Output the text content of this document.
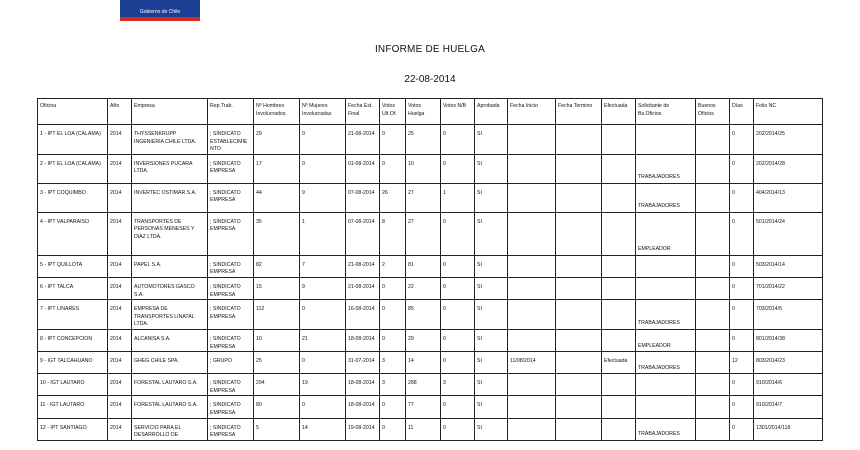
Gobierno de Chile
INFORME DE HUELGA
22-08-2014
Oficina	Año	Empresa	Rep.Trab.	Nº Hombres Involucrados	Nº Mujeres Involucradas	Fecha Est. Final	Votos Ult.Of.	Votos Huelga	Votos N/B	Aprobada	Fecha Inicio	Fecha Termino	Efectuada	Solicitante de Bs.Oficios	Buenos Oficios	Días	Folio NC
1 - IPT EL LOA (CALAMA)	2014	THYSSENKRUPP INGENIERIA CHILE LTDA.	; SINDICATO ESTABLECIMIENTO	29	0	21-08-2014	0	25	0	SI						0	202/2014/25
2 - IPT EL LOA (CALAMA)	2014	INVERSIONES PUCARA LTDA.	; SINDICATO EMPRESA	17	0	01-08-2014	0	10	0	SI				TRABAJADORES		0	202/2014/28
3 - IPT COQUIMBO	2014	INVERTEC OSTIMAR S.A.	; SINDICATO EMPRESA	44	9	07-08-2014	26	27	1	SI				TRABAJADORES		0	404/2014/13
4 - IPT VALPARAISO	2014	TRANSPORTES DE PERSONAS MENESES Y DIAZ LTDA.	; SINDICATO EMPRESA	35	1	07-08-2014	8	27	0	SI				EMPLEADOR		0	501/2014/24
5 - IPT QUILLOTA	2014	PAPEL S.A.	; SINDICATO EMPRESA	82	7	21-08-2014	2	81	0	SI						0	503/2014/14
6 - IPT TALCA	2014	AUTOMOTORES GASCO S.A.	; SINDICATO EMPRESA	15	9	21-08-2014	0	22	0	SI						0	701/2014/22
7 - IPT LINARES	2014	EMPRESA DE TRANSPORTES LINATAL LTDA.	; SINDICATO EMPRESA	112	0	16-08-2014	0	85	0	SI				TRABAJADORES		0	703/2014/5
8 - IPT CONCEPCION	2014	ALCANISA S.A.	; SINDICATO EMPRESA	10	21	18-08-2014	0	29	0	SI				EMPLEADOR		0	801/2014/38
9 - IGT TALCAHUANO	2014	GHEG CHILE SPA.	; GRUPO	25	0	31-07-2014	3	14	0	SI	11/08/2014		Efectuada	TRABAJADORES		12	803/2014/23
10 - IGT LAUTARO	2014	FORESTAL LAUTARO S.A.	; SINDICATO EMPRESA	294	19	18-08-2014	3	288	3	SI						0	910/2014/6
11 - IGT LAUTARO	2014	FORESTAL LAUTARO S.A.	; SINDICATO EMPRESA	80	0	18-08-2014	0	77	0	SI						0	910/2014/7
12 - IPT SANTIAGO	2014	SERVICIO PARA EL DESARROLLO DE	; SINDICATO EMPRESA	5	14	19-08-2014	0	11	0	SI				TRABAJADORES		0	1301/2014/118
